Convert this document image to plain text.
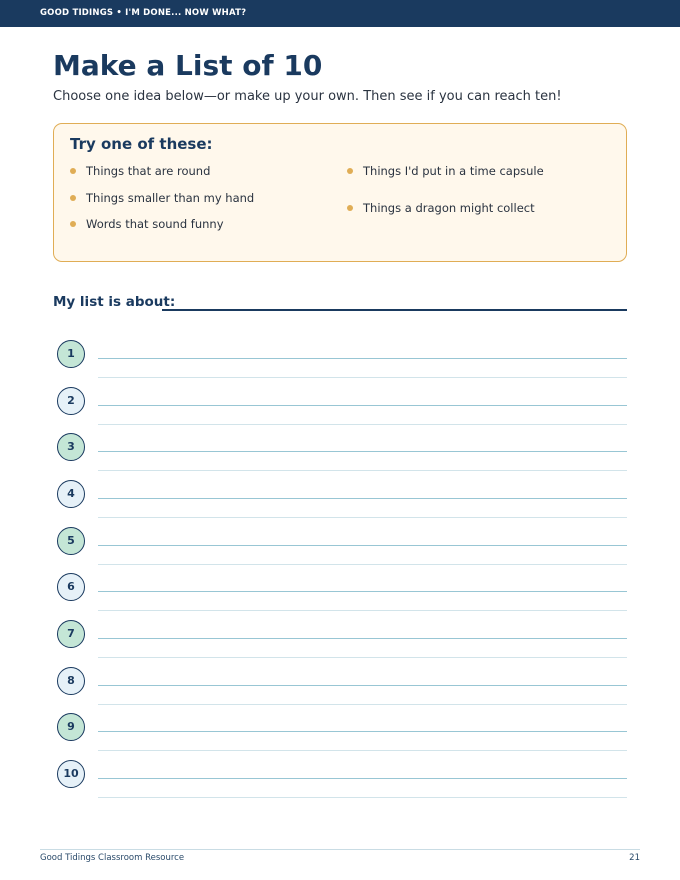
GOOD TIDINGS • I'M DONE... NOW WHAT?
Make a List of 10

Choose one idea below—or make up your own. Then see if you can reach ten!

Try one of these:
Things that are round
Things smaller than my hand
Words that sound funny
Things I'd put in a time capsule
Things a dragon might collect
My list is about:
1
2
3
4
5
6
7
8
9
10
Good Tidings Classroom Resource	21
